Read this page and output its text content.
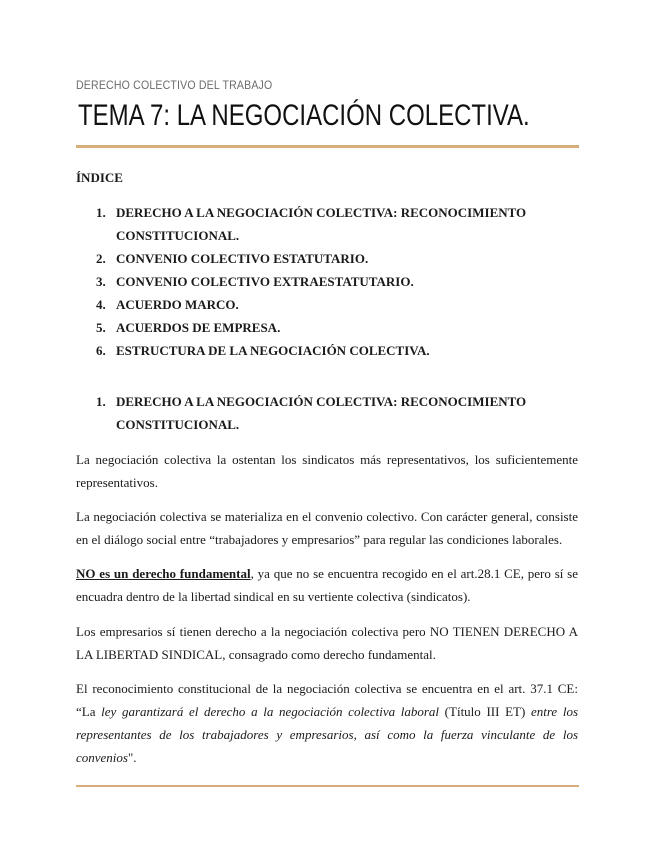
DERECHO COLECTIVO DEL TRABAJO
TEMA 7: LA NEGOCIACIÓN COLECTIVA.
ÍNDICE
1. DERECHO A LA NEGOCIACIÓN COLECTIVA: RECONOCIMIENTO CONSTITUCIONAL.
2. CONVENIO COLECTIVO ESTATUTARIO.
3. CONVENIO COLECTIVO EXTRAESTATUTARIO.
4. ACUERDO MARCO.
5. ACUERDOS DE EMPRESA.
6. ESTRUCTURA DE LA NEGOCIACIÓN COLECTIVA.
1. DERECHO A LA NEGOCIACIÓN COLECTIVA: RECONOCIMIENTO CONSTITUCIONAL.

La negociación colectiva la ostentan los sindicatos más representativos, los suficientemente representativos.

La negociación colectiva se materializa en el convenio colectivo. Con carácter general, consiste en el diálogo social entre “trabajadores y empresarios” para regular las condiciones laborales.

NO es un derecho fundamental, ya que no se encuentra recogido en el art.28.1 CE, pero sí se encuadra dentro de la libertad sindical en su vertiente colectiva (sindicatos).

Los empresarios sí tienen derecho a la negociación colectiva pero NO TIENEN DERECHO A LA LIBERTAD SINDICAL, consagrado como derecho fundamental.

El reconocimiento constitucional de la negociación colectiva se encuentra en el art. 37.1 CE: “La ley garantizará el derecho a la negociación colectiva laboral (Título III ET) entre los representantes de los trabajadores y empresarios, así como la fuerza vinculante de los convenios".
